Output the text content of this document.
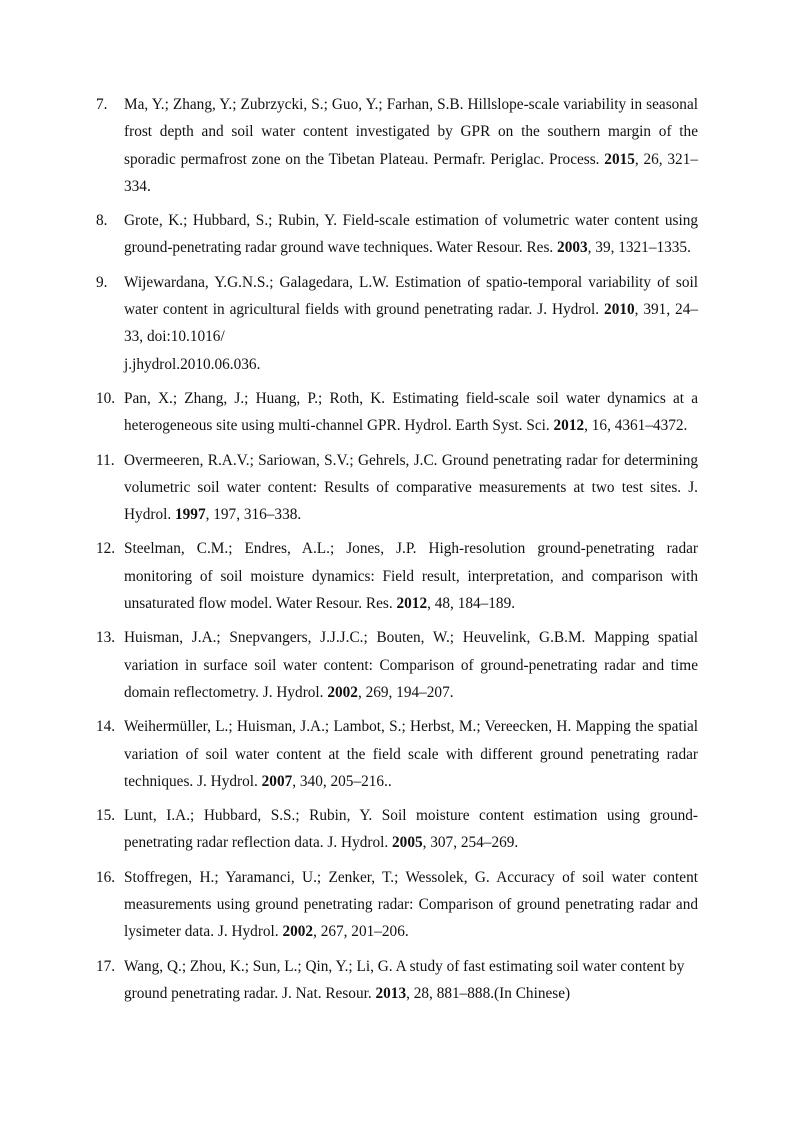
7. Ma, Y.; Zhang, Y.; Zubrzycki, S.; Guo, Y.; Farhan, S.B. Hillslope-scale variability in seasonal frost depth and soil water content investigated by GPR on the southern margin of the sporadic permafrost zone on the Tibetan Plateau. Permafr. Periglac. Process. 2015, 26, 321–334.
8. Grote, K.; Hubbard, S.; Rubin, Y. Field-scale estimation of volumetric water content using ground-penetrating radar ground wave techniques. Water Resour. Res. 2003, 39, 1321–1335.
9. Wijewardana, Y.G.N.S.; Galagedara, L.W. Estimation of spatio-temporal variability of soil water content in agricultural fields with ground penetrating radar. J. Hydrol. 2010, 391, 24–33, doi:10.1016/
j.jhydrol.2010.06.036.
10. Pan, X.; Zhang, J.; Huang, P.; Roth, K. Estimating field-scale soil water dynamics at a heterogeneous site using multi-channel GPR. Hydrol. Earth Syst. Sci. 2012, 16, 4361–4372.
11. Overmeeren, R.A.V.; Sariowan, S.V.; Gehrels, J.C. Ground penetrating radar for determining volumetric soil water content: Results of comparative measurements at two test sites. J. Hydrol. 1997, 197, 316–338.
12. Steelman, C.M.; Endres, A.L.; Jones, J.P. High-resolution ground-penetrating radar monitoring of soil moisture dynamics: Field result, interpretation, and comparison with unsaturated flow model. Water Resour. Res. 2012, 48, 184–189.
13. Huisman, J.A.; Snepvangers, J.J.J.C.; Bouten, W.; Heuvelink, G.B.M. Mapping spatial variation in surface soil water content: Comparison of ground-penetrating radar and time domain reflectometry. J. Hydrol. 2002, 269, 194–207.
14. Weihermüller, L.; Huisman, J.A.; Lambot, S.; Herbst, M.; Vereecken, H. Mapping the spatial variation of soil water content at the field scale with different ground penetrating radar techniques. J. Hydrol. 2007, 340, 205–216..
15. Lunt, I.A.; Hubbard, S.S.; Rubin, Y. Soil moisture content estimation using ground-penetrating radar reflection data. J. Hydrol. 2005, 307, 254–269.
16. Stoffregen, H.; Yaramanci, U.; Zenker, T.; Wessolek, G. Accuracy of soil water content measurements using ground penetrating radar: Comparison of ground penetrating radar and lysimeter data. J. Hydrol. 2002, 267, 201–206.
17. Wang, Q.; Zhou, K.; Sun, L.; Qin, Y.; Li, G. A study of fast estimating soil water content by ground penetrating radar. J. Nat. Resour. 2013, 28, 881–888.(In Chinese)
